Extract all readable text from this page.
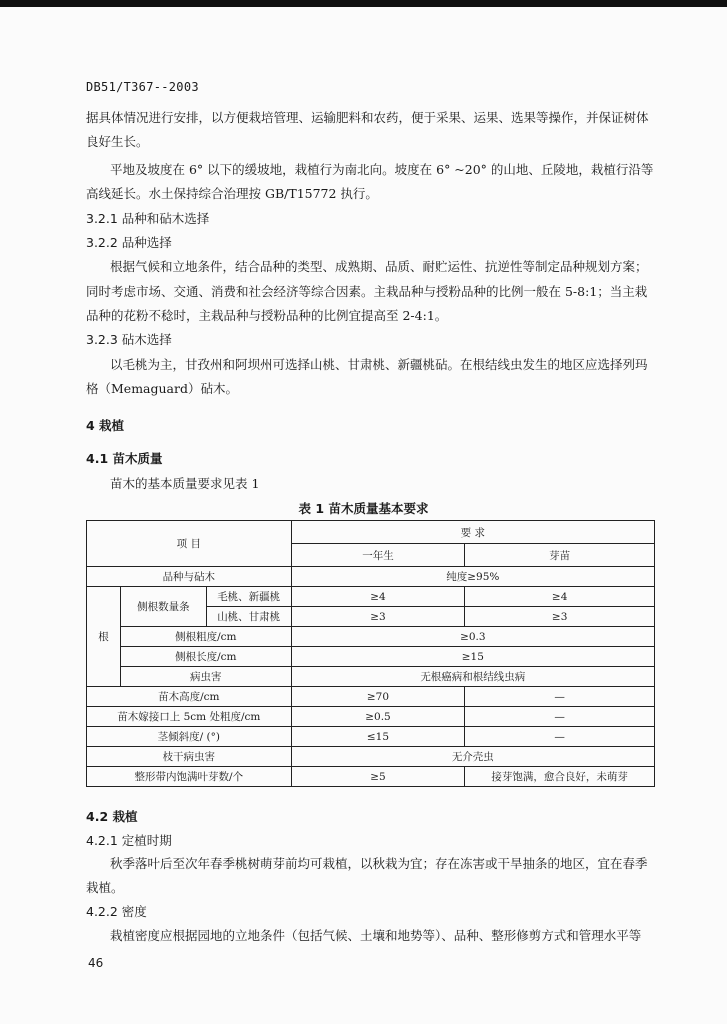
DB51/T367--2003
据具体情况进行安排，以方便栽培管理、运输肥料和农药，便于采果、运果、选果等操作，并保证树体
良好生长。
平地及坡度在 6° 以下的缓坡地，栽植行为南北向。坡度在 6° ~20° 的山地、丘陵地，栽植行沿等
高线延长。水土保持综合治理按 GB/T15772 执行。
3.2.1 品种和砧木选择
3.2.2 品种选择
根据气候和立地条件，结合品种的类型、成熟期、品质、耐贮运性、抗逆性等制定品种规划方案；
同时考虑市场、交通、消费和社会经济等综合因素。主栽品种与授粉品种的比例一般在 5-8:1；当主栽
品种的花粉不稔时，主栽品种与授粉品种的比例宜提高至 2-4:1。
3.2.3 砧木选择
以毛桃为主，甘孜州和阿坝州可选择山桃、甘肃桃、新疆桃砧。在根结线虫发生的地区应选择列玛
格（Memaguard）砧木。
4 栽植
4.1 苗木质量
苗木的基本质量要求见表 1
表 1 苗木质量基本要求
项 目			要 求	
			一年生	芽苗
品种与砧木			纯度≥95%	
根	侧根数量条	毛桃、新疆桃	≥4	≥4
		山桃、甘肃桃	≥3	≥3
	侧根粗度/cm		≥0.3	
	侧根长度/cm		≥15	
	病虫害		无根癌病和根结线虫病	
苗木高度/cm			≥70	—
苗木嫁接口上 5cm 处粗度/cm			≥0.5	—
茎倾斜度/ (°)			≤15	—
枝干病虫害			无介壳虫	
整形带内饱满叶芽数/个			≥5	接芽饱满，愈合良好，未萌芽
4.2 栽植
4.2.1 定植时期
秋季落叶后至次年春季桃树萌芽前均可栽植，以秋栽为宜；存在冻害或干旱抽条的地区，宜在春季
栽植。
4.2.2 密度
栽植密度应根据园地的立地条件（包括气候、土壤和地势等）、品种、整形修剪方式和管理水平等
46
